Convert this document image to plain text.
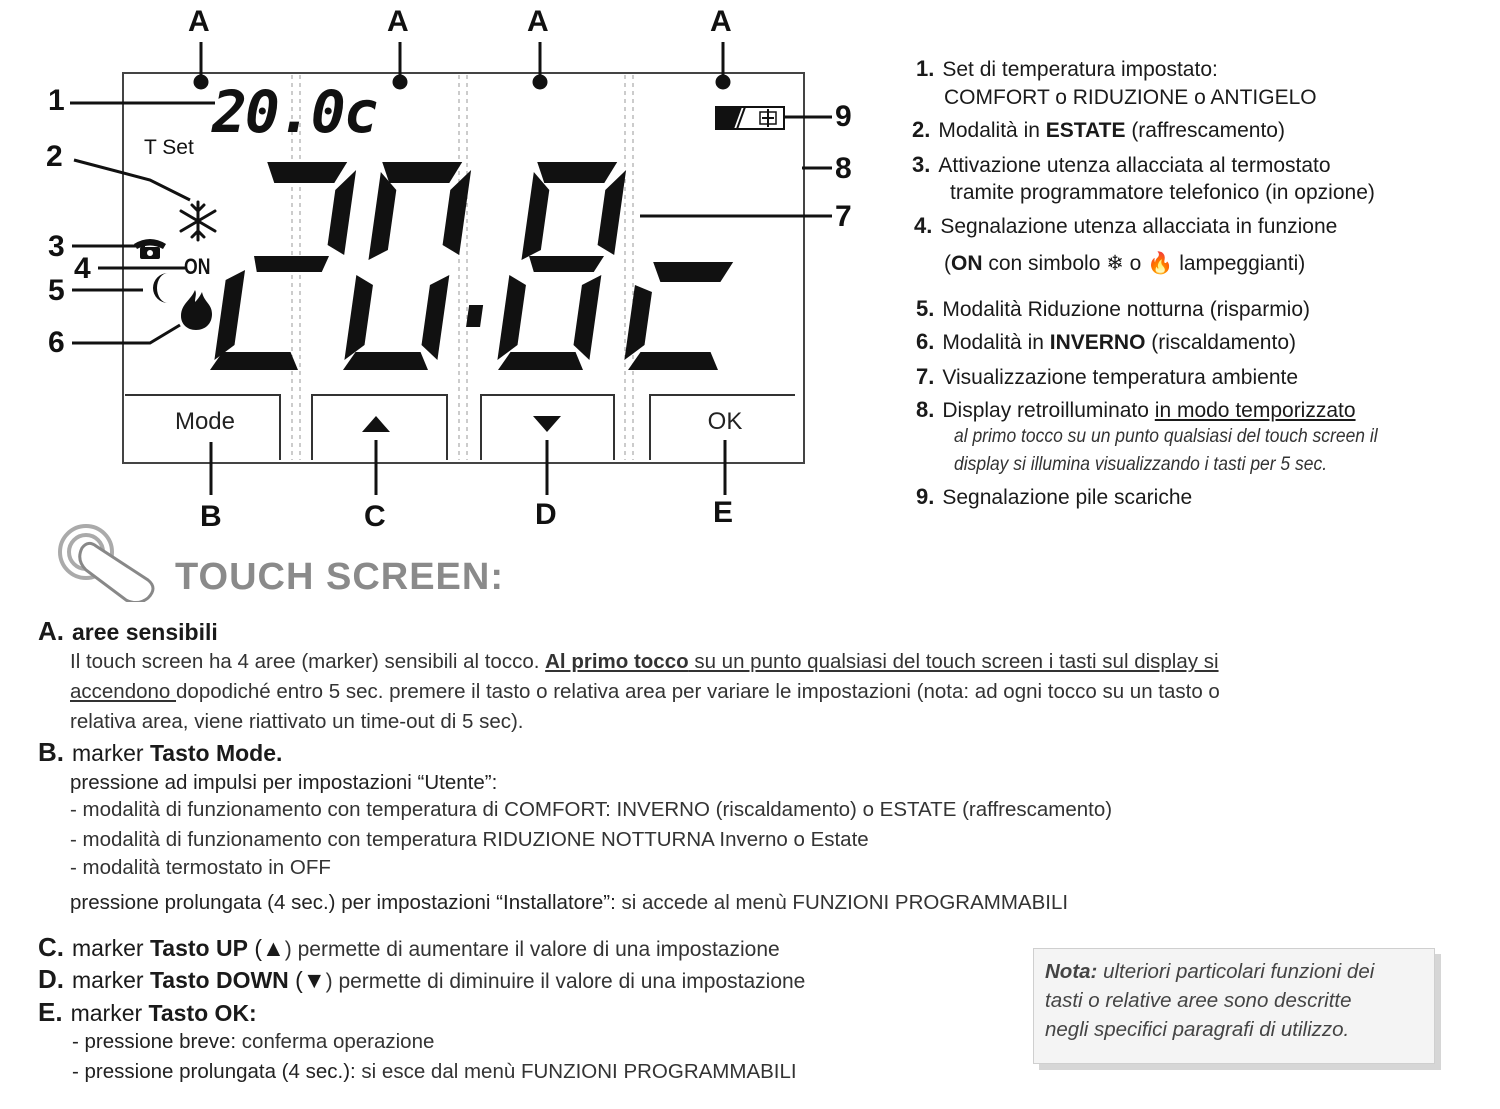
A	A	A	A
1
2
3
4
5
6
7
8
9
20.0c
T Set
ON
Mode	OK
B	C	D	E
1. Set di temperatura impostato:
COMFORT o RIDUZIONE o ANTIGELO
2. Modalità in ESTATE (raffrescamento)
3. Attivazione utenza allacciata al termostato
tramite programmatore telefonico (in opzione)
4. Segnalazione utenza allacciata in funzione
(ON con simbolo ❄ o 🔥 lampeggianti)
5. Modalità Riduzione notturna (risparmio)
6. Modalità in INVERNO (riscaldamento)
7. Visualizzazione temperatura ambiente
8. Display retroilluminato in modo temporizzato
al primo tocco su un punto qualsiasi del touch screen il
display si illumina visualizzando i tasti per 5 sec.
9. Segnalazione pile scariche
TOUCH SCREEN:
A. aree sensibili
Il touch screen ha 4 aree (marker) sensibili al tocco. Al primo tocco su un punto qualsiasi del touch screen i tasti sul display si
accendono dopodiché entro 5 sec. premere il tasto o relativa area per variare le impostazioni (nota: ad ogni tocco su un tasto o
relativa area, viene riattivato un time-out di 5 sec).
B. marker Tasto Mode.
pressione ad impulsi per impostazioni “Utente”:
- modalità di funzionamento con temperatura di COMFORT: INVERNO (riscaldamento) o ESTATE (raffrescamento)
- modalità di funzionamento con temperatura RIDUZIONE NOTTURNA Inverno o Estate
- modalità termostato in OFF
pressione prolungata (4 sec.) per impostazioni “Installatore”: si accede al menù FUNZIONI PROGRAMMABILI
C. marker Tasto UP (▲) permette di aumentare il valore di una impostazione
D. marker Tasto DOWN (▼) permette di diminuire il valore di una impostazione
E. marker Tasto OK:
- pressione breve: conferma operazione
- pressione prolungata (4 sec.): si esce dal menù FUNZIONI PROGRAMMABILI
Nota: ulteriori particolari funzioni dei
tasti o relative aree sono descritte
negli specifici paragrafi di utilizzo.
